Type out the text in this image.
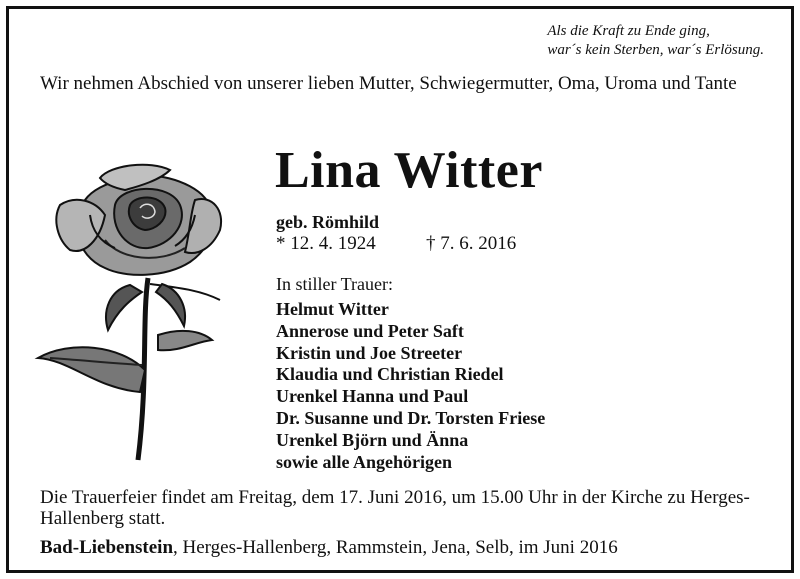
Als die Kraft zu Ende ging,
war´s kein Sterben, war´s Erlösung.
Wir nehmen Abschied von unserer lieben Mutter, Schwiegermutter, Oma, Uroma und Tante
Lina Witter
geb. Römhild
* 12. 4. 1924	† 7. 6. 2016
In stiller Trauer:
Helmut Witter
Annerose und Peter Saft
Kristin und Joe Streeter
Klaudia und Christian Riedel
Urenkel Hanna und Paul
Dr. Susanne und Dr. Torsten Friese
Urenkel Björn und Änna
sowie alle Angehörigen
Die Trauerfeier findet am Freitag, dem 17. Juni 2016, um 15.00 Uhr in der Kirche zu Herges-Hallenberg statt.
Bad-Liebenstein, Herges-Hallenberg, Rammstein, Jena, Selb, im Juni 2016
